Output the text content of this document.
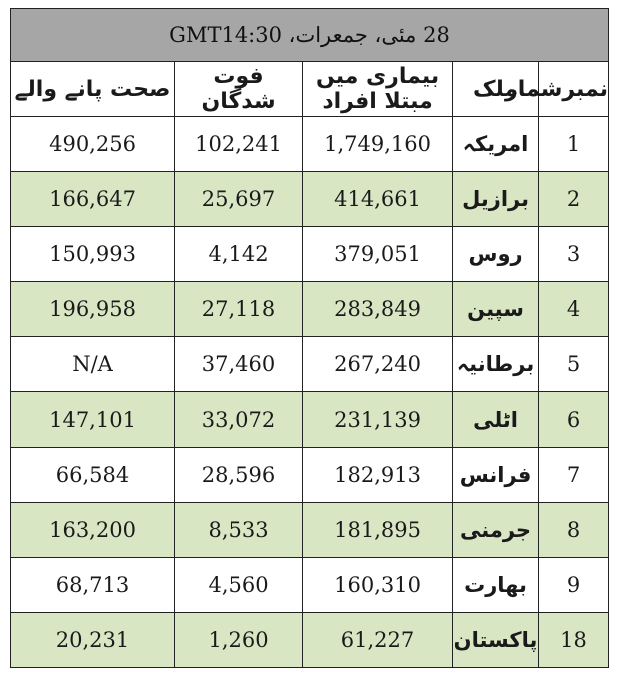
28 مئی، جمعرات، GMT14:30				
نمبرشمار	ملک	بیماری میں مبتلا افراد	فوت شدگان	صحت پانے والے
1	امریکہ	1,749,160	102,241	490,256
2	برازیل	414,661	25,697	166,647
3	روس	379,051	4,142	150,993
4	سپین	283,849	27,118	196,958
5	برطانیہ	267,240	37,460	N/A
6	اٹلی	231,139	33,072	147,101
7	فرانس	182,913	28,596	66,584
8	جرمنی	181,895	8,533	163,200
9	بھارت	160,310	4,560	68,713
18	پاکستان	61,227	1,260	20,231
